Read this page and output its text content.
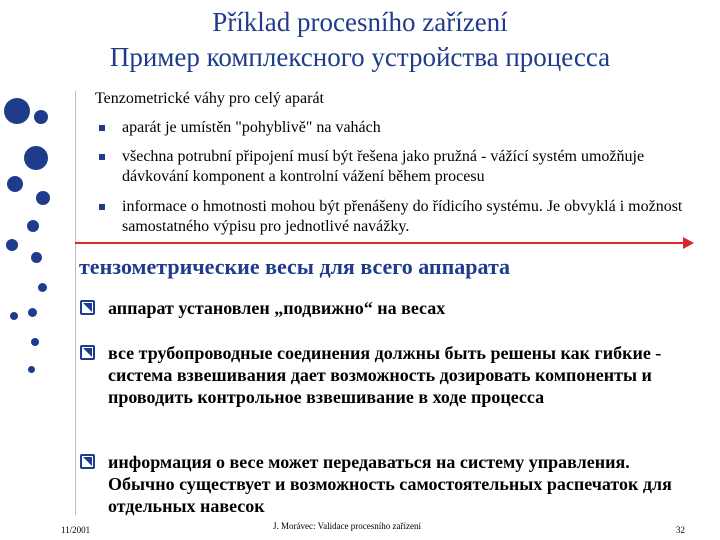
Příklad procesního zařízení
Пример комплексного устройства процесса
Tenzometrické váhy pro celý aparát
aparát je umístěn "pohyblivě" na vahách
všechna potrubní připojení musí být řešena jako pružná - vážící systém umožňuje dávkování komponent a kontrolní vážení během procesu
informace o hmotnosti mohou být přenášeny do řídicího systému. Je obvyklá i možnost samostatného výpisu pro jednotlivé navážky.
тензометрические весы для всего аппарата
аппарат установлен „подвижно“ на весах
все трубопроводные соединения должны быть решены как гибкие - система взвешивания дает возможность дозировать компоненты и проводить контрольное взвешивание в ходе процесса
информация о весе может передаваться на систему управления. Обычно существует и возможность самостоятельных распечаток для отдельных навесок
11/2001	J. Morávec: Validace procesního zařízení	32
